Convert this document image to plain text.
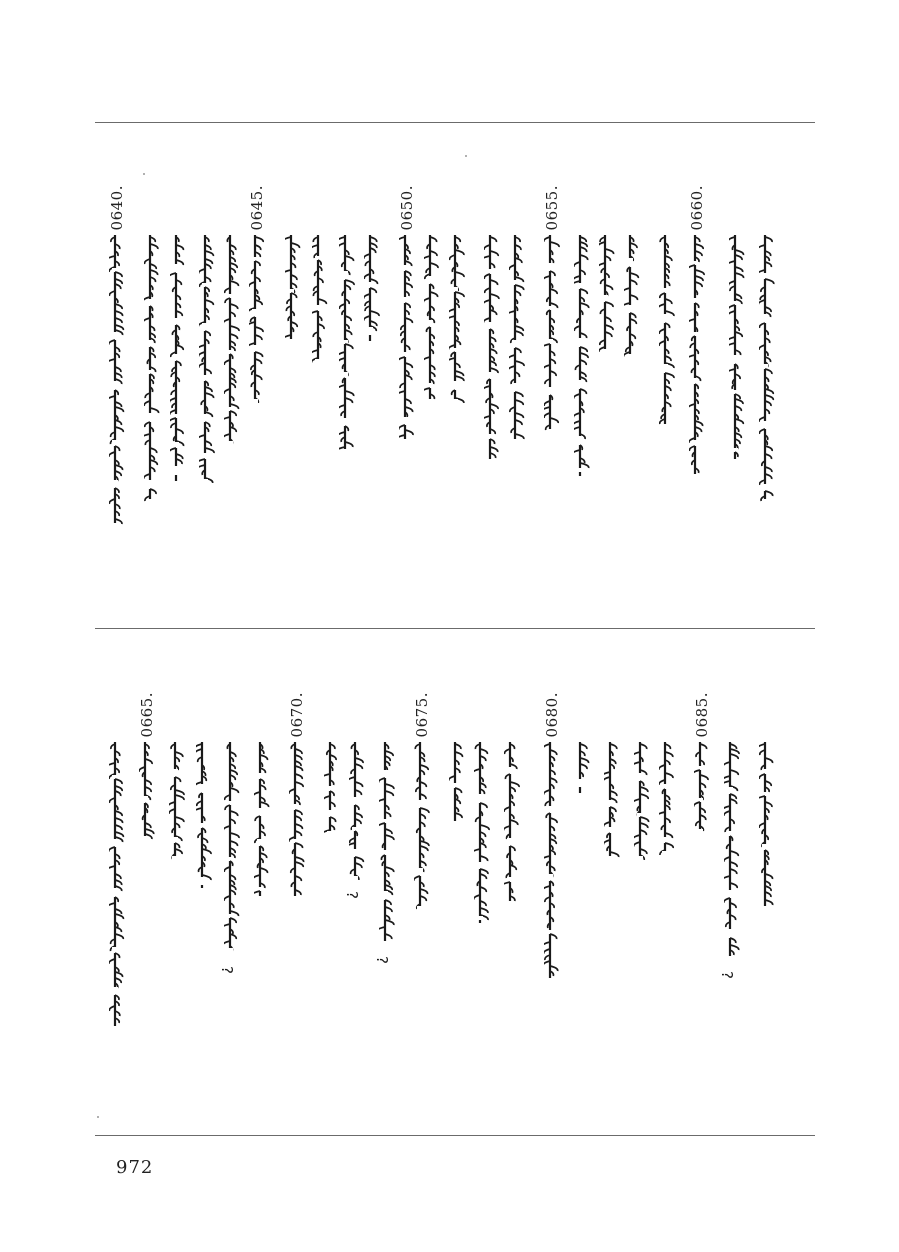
0640.	0645.	0650.	0655.	0660.
0665.
?
0670.
?
?
0675.	0680.	0685.
?
972
